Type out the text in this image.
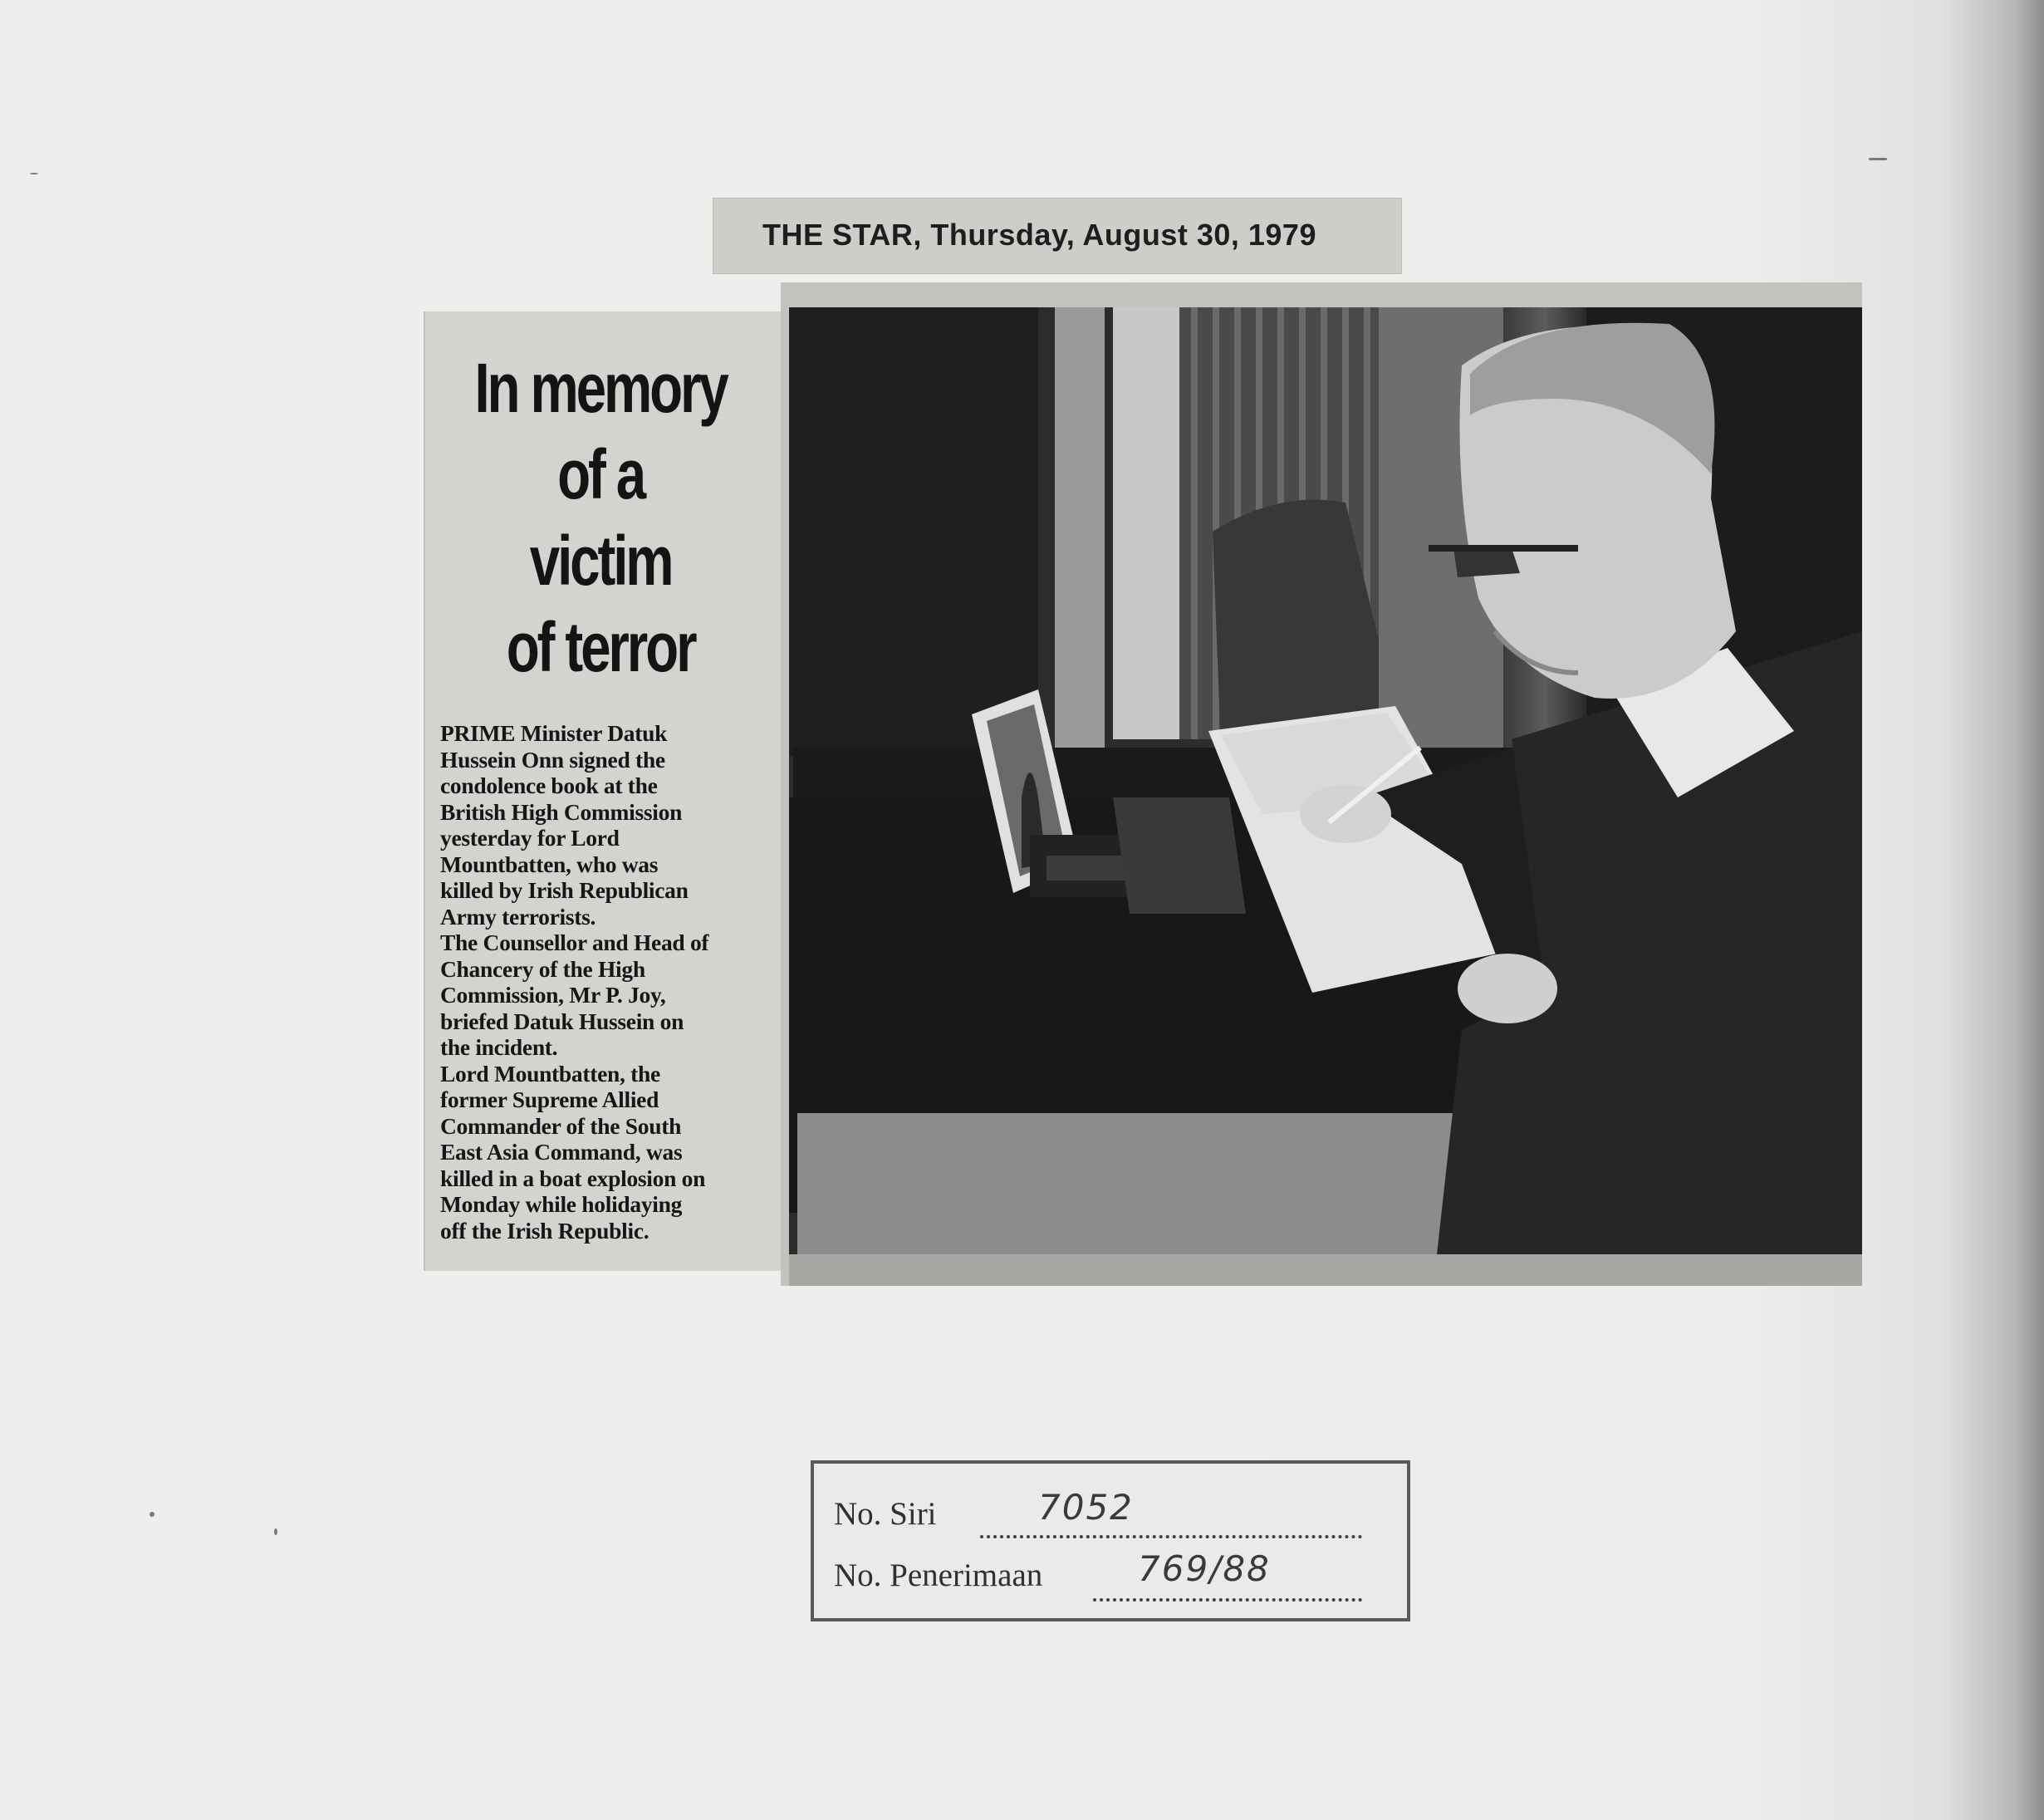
THE STAR, Thursday, August 30, 1979
In memory
of a
victim
of terror
PRIME Minister Datuk
Hussein Onn signed the
condolence book at the
British High Commission
yesterday for Lord
Mountbatten, who was
killed by Irish Republican
Army terrorists.
The Counsellor and Head of
Chancery of the High
Commission, Mr P. Joy,
briefed Datuk Hussein on
the incident.
Lord Mountbatten, the
former Supreme Allied
Commander of the South
East Asia Command, was
killed in a boat explosion on
Monday while holidaying
off the Irish Republic.
No. Siri	7052
No. Penerimaan	769/88
